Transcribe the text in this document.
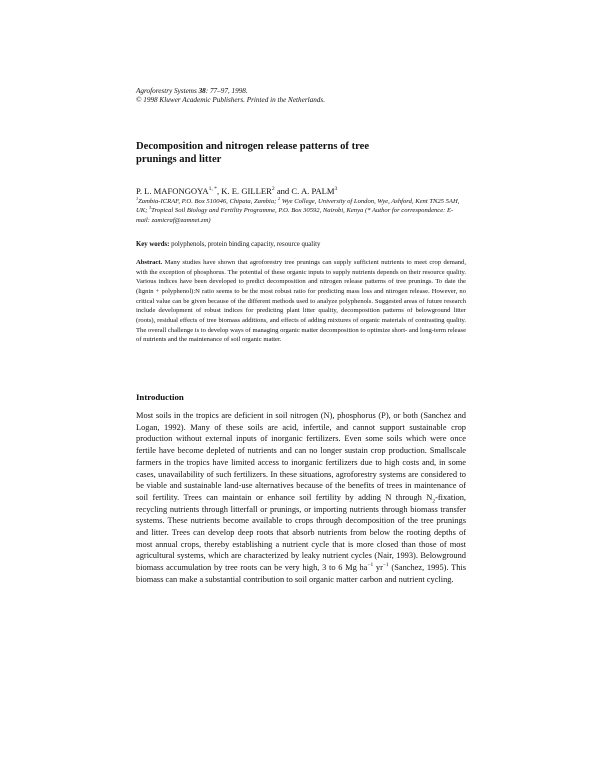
Agroforestry Systems 38: 77–97, 1998.
© 1998 Kluwer Academic Publishers. Printed in the Netherlands.
Decomposition and nitrogen release patterns of tree
prunings and litter
P. L. $MAFONGOYA^{1, *}$, K. E. GILLER$^2$ and C. A. PALM$^3$
$^1$Zambia-ICRAF, P.O. Box 510046, Chipata, Zambia; $^2$ Wye College, University of London, Wye, Ashford, Kent TN25 5AH, UK; $^3$Tropical Soil Biology and Fertility Programme, P.O. Box 30592, Nairobi, Kenya (* Author for correspondence: E-mail: zamicraf@zamnet.zm)
Key words: polyphenols, protein binding capacity, resource quality
Abstract. Many studies have shown that agroforestry tree prunings can supply sufficient nutrients to meet crop demand, with the exception of phosphorus. The potential of these organic inputs to supply nutrients depends on their resource quality. Various indices have been developed to predict decomposition and nitrogen release patterns of tree prunings. To date the (lignin + polyphenol):N ratio seems to be the most robust ratio for predicting mass loss and nitrogen release. However, no critical value can be given because of the different methods used to analyze polyphenols. Suggested areas of future research include development of robust indices for predicting plant litter quality, decomposition patterns of belowground litter (roots), residual effects of tree biomass additions, and effects of adding mixtures of organic materials of contrasting quality. The overall challenge is to develop ways of managing organic matter decomposition to optimize short- and long-term release of nutrients and the maintenance of soil organic matter.
Introduction
Most soils in the tropics are deficient in soil nitrogen (N), phosphorus (P), or both (Sanchez and Logan, 1992). Many of these soils are acid, infertile, and cannot support sustainable crop production without external inputs of inorganic fertilizers. Even some soils which were once fertile have become depleted of nutrients and can no longer sustain crop production. Smallscale farmers in the tropics have limited access to inorganic fertilizers due to high costs and, in some cases, unavailability of such fertilizers. In these situations, agroforestry systems are considered to be viable and sustainable land-use alternatives because of the benefits of trees in maintenance of soil fertility. Trees can maintain or enhance soil fertility by adding N through $N_2$-fixation, recycling nutrients through litterfall or prunings, or importing nutrients through biomass transfer systems. These nutrients become available to crops through decomposition of the tree prunings and litter. Trees can develop deep roots that absorb nutrients from below the rooting depths of most annual crops, thereby establishing a nutrient cycle that is more closed than those of most agricultural systems, which are characterized by leaky nutrient cycles (Nair, 1993). Belowground biomass accumulation by tree roots can be very high, 3 to 6 Mg $ha^{-1}$ $yr^{-1}$ (Sanchez, 1995). This biomass can make a substantial contribution to soil organic matter carbon and nutrient cycling.
